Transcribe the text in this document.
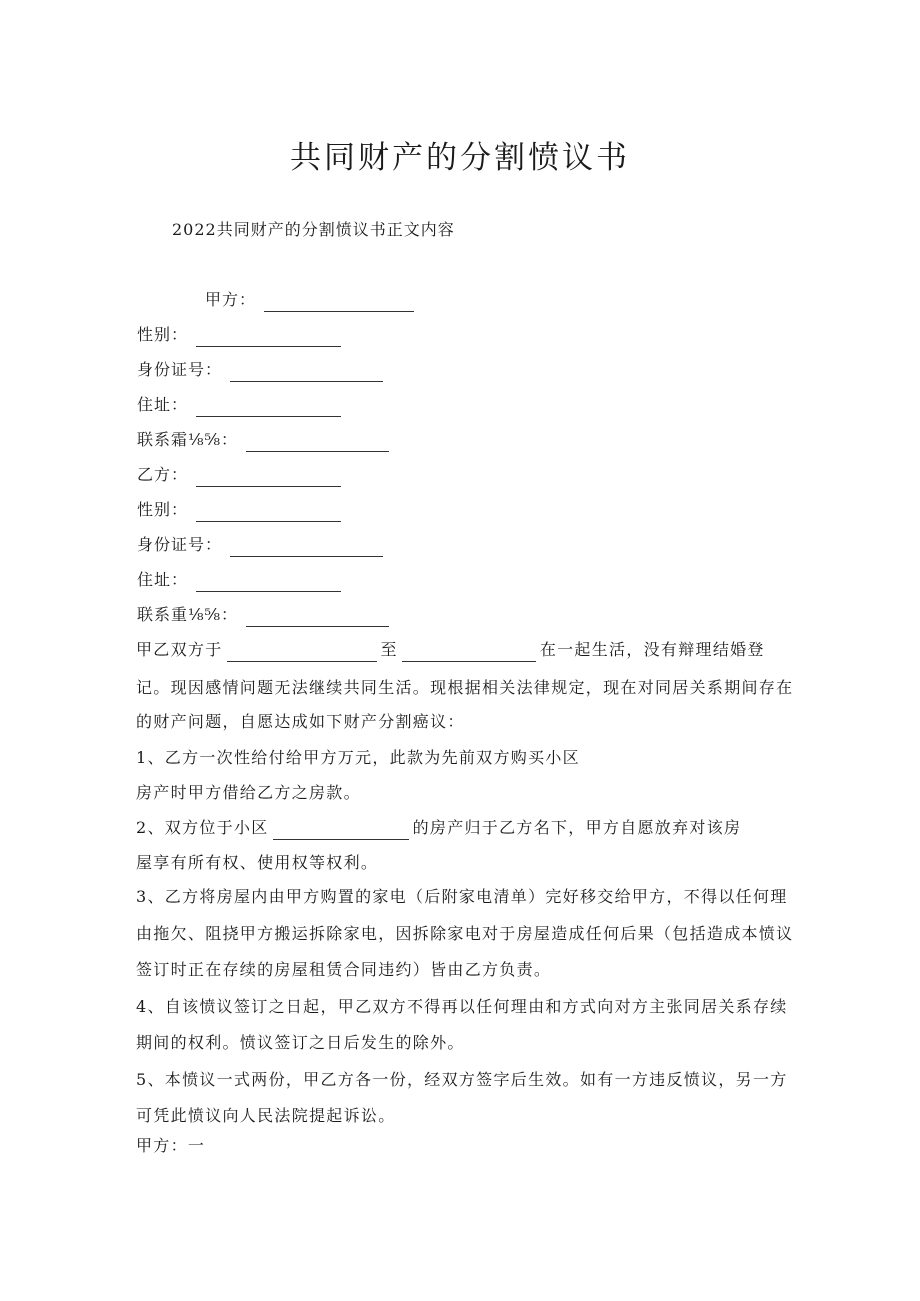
共同财产的分割愤议书
2022共同财产的分割愤议书正文内容
甲方：
性别：
身份证号：
住址：
联系霜⅛⅝：
乙方：
性别：
身份证号：
住址：
联系重⅛⅝：
甲乙双方于	至	在一起生活，没有辩理结婚登
记。现因感情问题无法继续共同生活。现根据相关法律规定，现在对同居关系期间存在
的财产问题，自愿达成如下财产分割癌议：
1、乙方一次性给付给甲方万元，此款为先前双方购买小区
房产时甲方借给乙方之房款。
2、双方位于小区	的房产归于乙方名下，甲方自愿放弃对该房
屋享有所有权、使用权等权利。
3、乙方将房屋内由甲方购置的家电（后附家电清单）完好移交给甲方，不得以任何理
由拖欠、阻挠甲方搬运拆除家电，因拆除家电对于房屋造成任何后果（包括造成本愤议
签订时正在存续的房屋租赁合同违约）皆由乙方负责。
4、自该愤议签订之日起，甲乙双方不得再以任何理由和方式向对方主张同居关系存续
期间的权利。愤议签订之日后发生的除外。
5、本愤议一式两份，甲乙方各一份，经双方签字后生效。如有一方违反愤议，另一方
可凭此愤议向人民法院提起诉讼。
甲方：一
